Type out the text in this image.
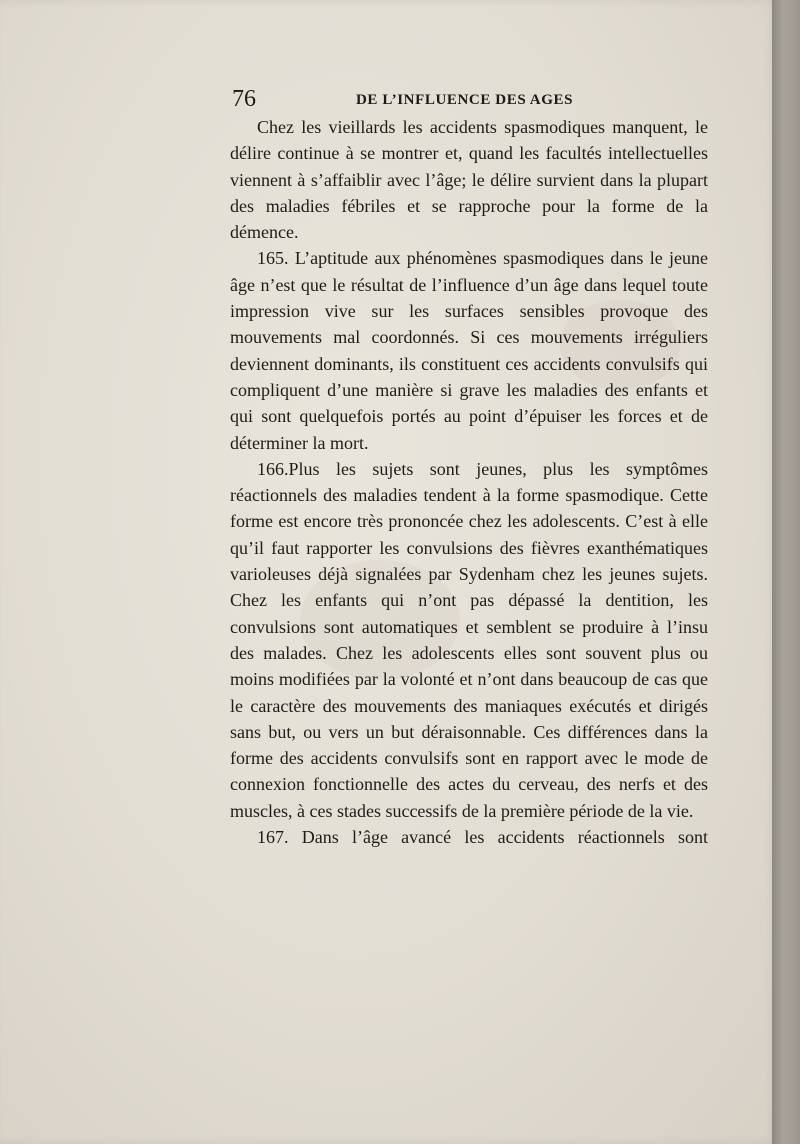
76	DE L’INFLUENCE DES AGES

Chez les vieillards les accidents spasmodiques manquent, le délire continue à se montrer et, quand les facultés intellectuelles viennent à s’affaiblir avec l’âge; le délire survient dans la plupart des maladies fébriles et se rapproche pour la forme de la démence.

165. L’aptitude aux phénomènes spasmodiques dans le jeune âge n’est que le résultat de l’influence d’un âge dans lequel toute impression vive sur les surfaces sensibles provoque des mouvements mal coordonnés. Si ces mouvements irréguliers deviennent dominants, ils constituent ces accidents convulsifs qui compliquent d’une manière si grave les maladies des enfants et qui sont quelquefois portés au point d’épuiser les forces et de déterminer la mort.

166.Plus les sujets sont jeunes, plus les symptômes réactionnels des maladies tendent à la forme spasmodique. Cette forme est encore très prononcée chez les adolescents. C’est à elle qu’il faut rapporter les convulsions des fièvres exanthématiques varioleuses déjà signalées par Sydenham chez les jeunes sujets. Chez les enfants qui n’ont pas dépassé la dentition, les convulsions sont automatiques et semblent se produire à l’insu des malades. Chez les adolescents elles sont souvent plus ou moins modifiées par la volonté et n’ont dans beaucoup de cas que le caractère des mouvements des maniaques exécutés et dirigés sans but, ou vers un but déraisonnable. Ces différences dans la forme des accidents convulsifs sont en rapport avec le mode de connexion fonctionnelle des actes du cerveau, des nerfs et des muscles, à ces stades successifs de la première période de la vie.

167. Dans l’âge avancé les accidents réactionnels sont
